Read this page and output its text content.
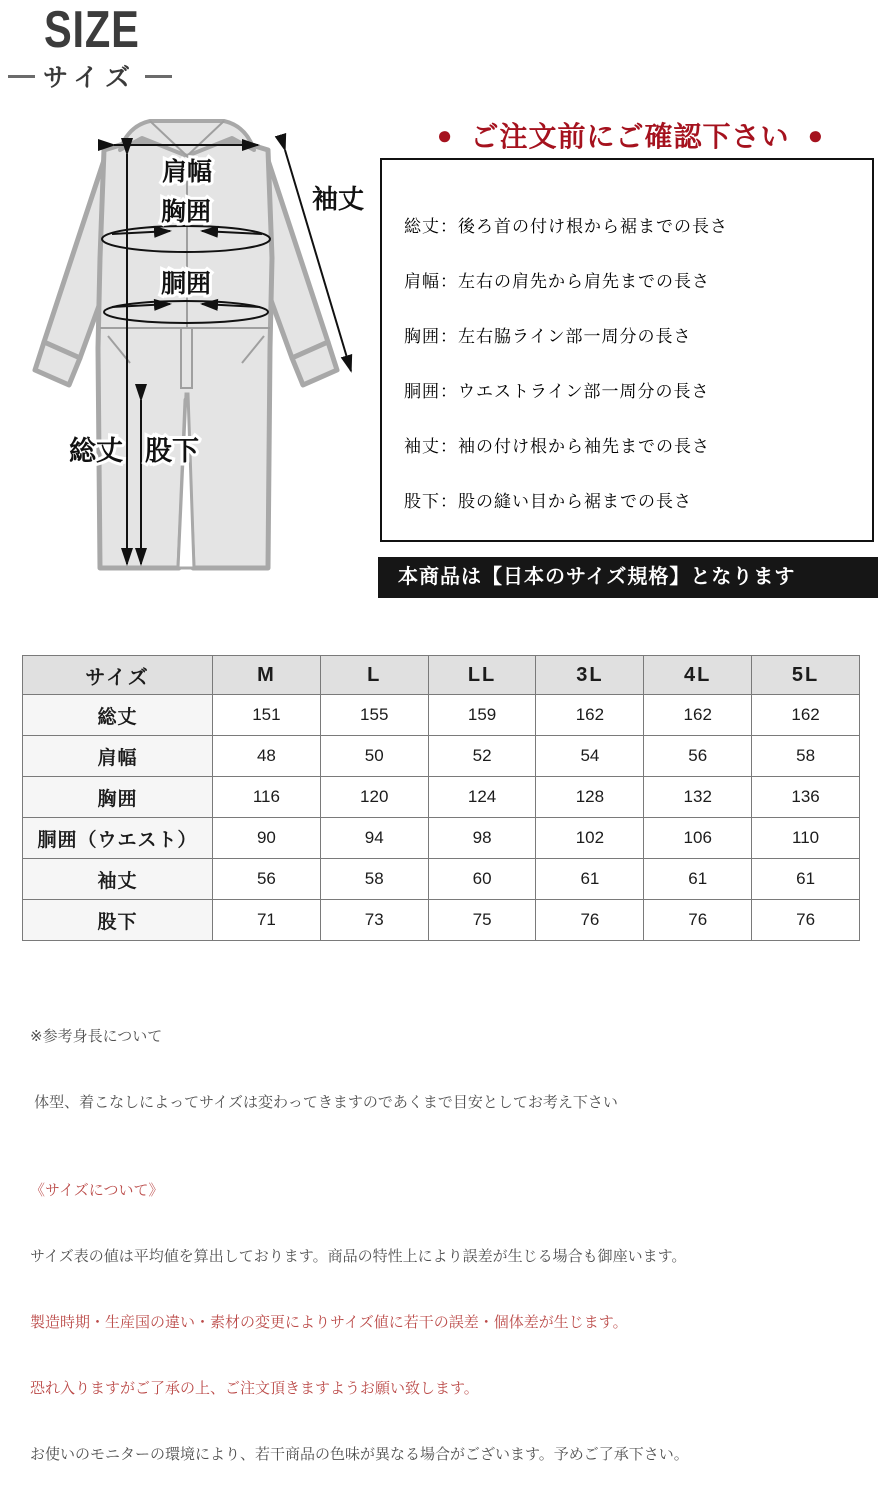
SIZE
サイズ
肩幅
袖丈
胸囲
胴囲
総丈 股下
● ご注文前にご確認下さい ●
総丈：後ろ首の付け根から裾までの長さ
肩幅：左右の肩先から肩先までの長さ
胸囲：左右脇ライン部一周分の長さ
胴囲：ウエストライン部一周分の長さ
袖丈：袖の付け根から袖先までの長さ
股下：股の縫い目から裾までの長さ
本商品は【日本のサイズ規格】となります
サイズ	M	L	LL	3L	4L	5L
総丈	151	155	159	162	162	162
肩幅	48	50	52	54	56	58
胸囲	116	120	124	128	132	136
胴囲（ウエスト）	90	94	98	102	106	110
袖丈	56	58	60	61	61	61
股下	71	73	75	76	76	76

※参考身長について

体型、着こなしによってサイズは変わってきますのであくまで目安としてお考え下さい

《サイズについて》

サイズ表の値は平均値を算出しております。商品の特性上により誤差が生じる場合も御座います。

製造時期・生産国の違い・素材の変更によりサイズ値に若干の誤差・個体差が生じます。

恐れ入りますがご了承の上、ご注文頂きますようお願い致します。

お使いのモニターの環境により、若干商品の色味が異なる場合がございます。予めご了承下さい。
